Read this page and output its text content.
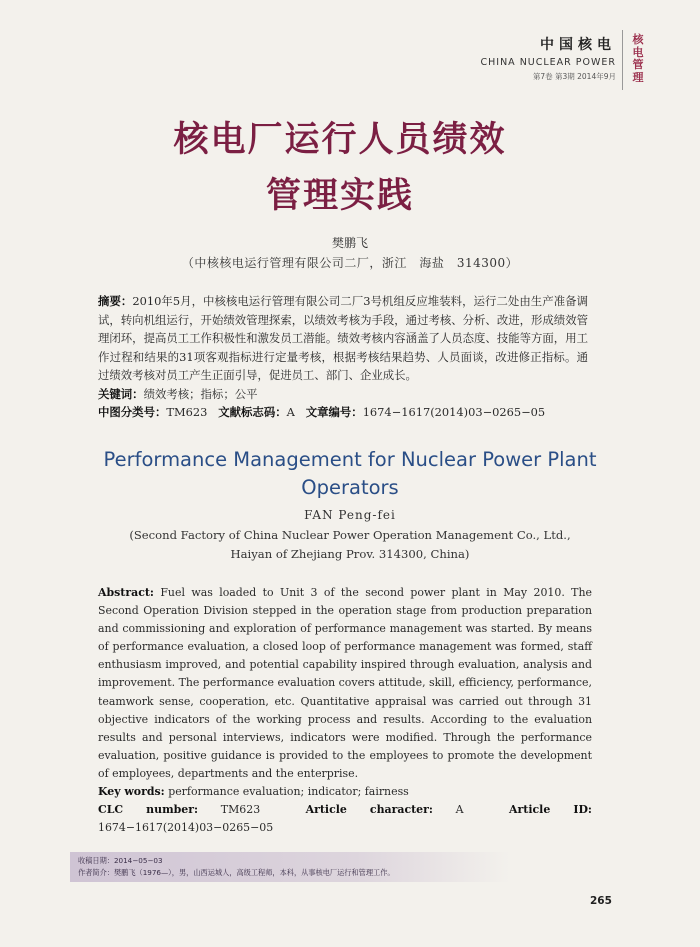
中国核电
CHINA NUCLEAR POWER
第7卷 第3期 2014年9月
核电管理
核电厂运行人员绩效
管理实践
樊鹏飞
（中核核电运行管理有限公司二厂，浙江　海盐　314300）

摘要：2010年5月，中核核电运行管理有限公司二厂3号机组反应堆装料，运行二处由生产准备调试，转向机组运行，开始绩效管理探索，以绩效考核为手段，通过考核、分析、改进，形成绩效管理闭环，提高员工工作积极性和激发员工潜能。绩效考核内容涵盖了人员态度、技能等方面，用工作过程和结果的31项客观指标进行定量考核，根据考核结果趋势、人员面谈，改进修正指标。通过绩效考核对员工产生正面引导，促进员工、部门、企业成长。

关键词：绩效考核；指标；公平

中图分类号：TM623 文献标志码：A 文章编号：1674−1617(2014)03−0265−05

Performance Management for Nuclear Power Plant
Operators
FAN Peng-fei
(Second Factory of China Nuclear Power Operation Management Co., Ltd.,
Haiyan of Zhejiang Prov. 314300, China)

Abstract: Fuel was loaded to Unit 3 of the second power plant in May 2010. The Second Operation Division stepped in the operation stage from production preparation and commissioning and exploration of performance management was started. By means of performance evaluation, a closed loop of performance management was formed, staff enthusiasm improved, and potential capability inspired through evaluation, analysis and improvement. The performance evaluation covers attitude, skill, efficiency, performance, teamwork sense, cooperation, etc. Quantitative appraisal was carried out through 31 objective indicators of the working process and results. According to the evaluation results and personal interviews, indicators were modified. Through the performance evaluation, positive guidance is provided to the employees to promote the development of employees, departments and the enterprise.

Key words: performance evaluation; indicator; fairness

CLC number: TM623	Article character: A	Article ID: 1674−1617(2014)03−0265−05

收稿日期：2014−05−03
作者简介：樊鹏飞（1976—），男，山西运城人，高级工程师，本科，从事核电厂运行和管理工作。
265
